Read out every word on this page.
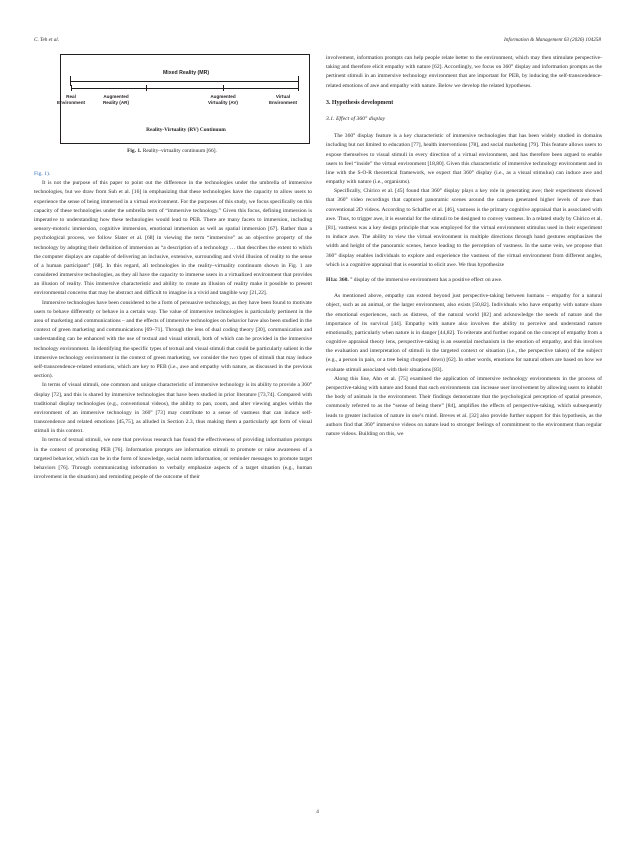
C. Teh et al.	Information & Management 63 (2026) 104258
Mixed Reality (MR)
Real
Environment
Augmented
Reality (AR)
Augmented
Virtuality (AV)
Virtual
Environment
Reality-Virtuality (RV) Continuum
Fig. 1. Reality–virtuality continuum [66].

Fig. 1).

It is not the purpose of this paper to point out the difference in the technologies under the umbrella of immersive technologies, but we draw from Suh et al. [16] in emphasizing that these technologies have the capacity to allow users to experience the sense of being immersed in a virtual environment. For the purposes of this study, we focus specifically on this capacity of these technologies under the umbrella term of “immersive technology.” Given this focus, defining immersion is imperative to understanding how these technologies would lead to PEB. There are many facets to immersion, including sensory-motoric immersion, cognitive immersion, emotional immersion as well as spatial immersion [67]. Rather than a psychological process, we follow Slater et al. [68] in viewing the term “immersive” as an objective property of the technology by adopting their definition of immersion as “a description of a technology … that describes the extent to which the computer displays are capable of delivering an inclusive, extensive, surrounding and vivid illusion of reality to the sense of a human participant” [68]. In this regard, all technologies in the reality–virtuality continuum shown in Fig. 1 are considered immersive technologies, as they all have the capacity to immerse users in a virtualized environment that provides an illusion of reality. This immersive characteristic and ability to create an illusion of reality make it possible to present environmental concerns that may be abstract and difficult to imagine in a vivid and tangible way [21,22].

Immersive technologies have been considered to be a form of persuasive technology, as they have been found to motivate users to behave differently or behave in a certain way. The value of immersive technologies is particularly pertinent in the area of marketing and communications – and the effects of immersive technologies on behavior have also been studied in the context of green marketing and communications [69–71]. Through the lens of dual coding theory [30], communication and understanding can be enhanced with the use of textual and visual stimuli, both of which can be provided in the immersive technology environment. In identifying the specific types of textual and visual stimuli that could be particularly salient in the immersive technology environment in the context of green marketing, we consider the two types of stimuli that may induce self-transcendence-related emotions, which are key to PEB (i.e., awe and empathy with nature, as discussed in the previous section).

In terms of visual stimuli, one common and unique characteristic of immersive technology is its ability to provide a 360° display [72], and this is shared by immersive technologies that have been studied in prior literature [73,74]. Compared with traditional display technologies (e.g., conventional videos), the ability to pan, zoom, and alter viewing angles within the environment of an immersive technology in 360° [73] may contribute to a sense of vastness that can induce self-transcendence and related emotions [45,75], as alluded in Section 2.3, thus making them a particularly apt form of visual stimuli in this context.

In terms of textual stimuli, we note that previous research has found the effectiveness of providing information prompts in the context of promoting PEB [76]. Information prompts are information stimuli to promote or raise awareness of a targeted behavior, which can be in the form of knowledge, social norm information, or reminder messages to promote target behaviors [76]. Through communicating information to verbally emphasize aspects of a target situation (e.g., human involvement in the situation) and reminding people of the outcome of their

involvement, information prompts can help people relate better to the environment, which may then stimulate perspective-taking and therefore elicit empathy with nature [62]. Accordingly, we focus on 360° display and information prompts as the pertinent stimuli in an immersive technology environment that are important for PEB, by inducing the self-transcendence-related emotions of awe and empathy with nature. Below we develop the related hypotheses.

3. Hypothesis development
3.1. Effect of 360° display

The 360° display feature is a key characteristic of immersive technologies that has been widely studied in domains including but not limited to education [77], health interventions [78], and social marketing [79]. This feature allows users to expose themselves to visual stimuli in every direction of a virtual environment, and has therefore been argued to enable users to feel “inside” the virtual environment [18,80]. Given this characteristic of immersive technology environment and in line with the S-O-R theoretical framework, we expect that 360° display (i.e., as a visual stimulus) can induce awe and empathy with nature (i.e., organisms).

Specifically, Chirico et al. [45] found that 360° display plays a key role in generating awe; their experiments showed that 360° video recordings that captured panoramic scenes around the camera generated higher levels of awe than conventional 2D videos. According to Schaffer et al. [46], vastness is the primary cognitive appraisal that is associated with awe. Thus, to trigger awe, it is essential for the stimuli to be designed to convey vastness. In a related study by Chirico et al. [81], vastness was a key design principle that was employed for the virtual environment stimulus used in their experiment to induce awe. The ability to view the virtual environment in multiple directions through hand gestures emphasizes the width and height of the panoramic scenes, hence leading to the perception of vastness. In the same vein, we propose that 360° display enables individuals to explore and experience the vastness of the virtual environment from different angles, which is a cognitive appraisal that is essential to elicit awe. We thus hypothesize

H1a: 360. ° display of the immersive environment has a positive effect on awe.

As mentioned above, empathy can extend beyond just perspective-taking between humans – empathy for a natural object, such as an animal, or the larger environment, also exists [50,82]. Individuals who have empathy with nature share the emotional experiences, such as distress, of the natural world [82] and acknowledge the needs of nature and the importance of its survival [44]. Empathy with nature also involves the ability to perceive and understand nature emotionally, particularly when nature is in danger [44,82]. To reiterate and further expand on the concept of empathy from a cognitive appraisal theory lens, perspective-taking is an essential mechanism in the emotion of empathy, and this involves the evaluation and interpretation of stimuli in the targeted context or situation (i.e., the perspective taken) of the subject (e.g., a person in pain, or a tree being chopped down) [62]. In other words, emotions for natural others are based on how we evaluate stimuli associated with their situations [83].

Along this line, Ahn et al. [75] examined the application of immersive technology environments in the process of perspective-taking with nature and found that such environments can increase user involvement by allowing users to inhabit the body of animals in the environment. Their findings demonstrate that the psychological perception of spatial presence, commonly referred to as the “sense of being there” [84], amplifies the effects of perspective-taking, which subsequently leads to greater inclusion of nature in one’s mind. Breves et al. [32] also provide further support for this hypothesis, as the authors find that 360° immersive videos on nature lead to stronger feelings of commitment to the environment than regular nature videos. Building on this, we

4
